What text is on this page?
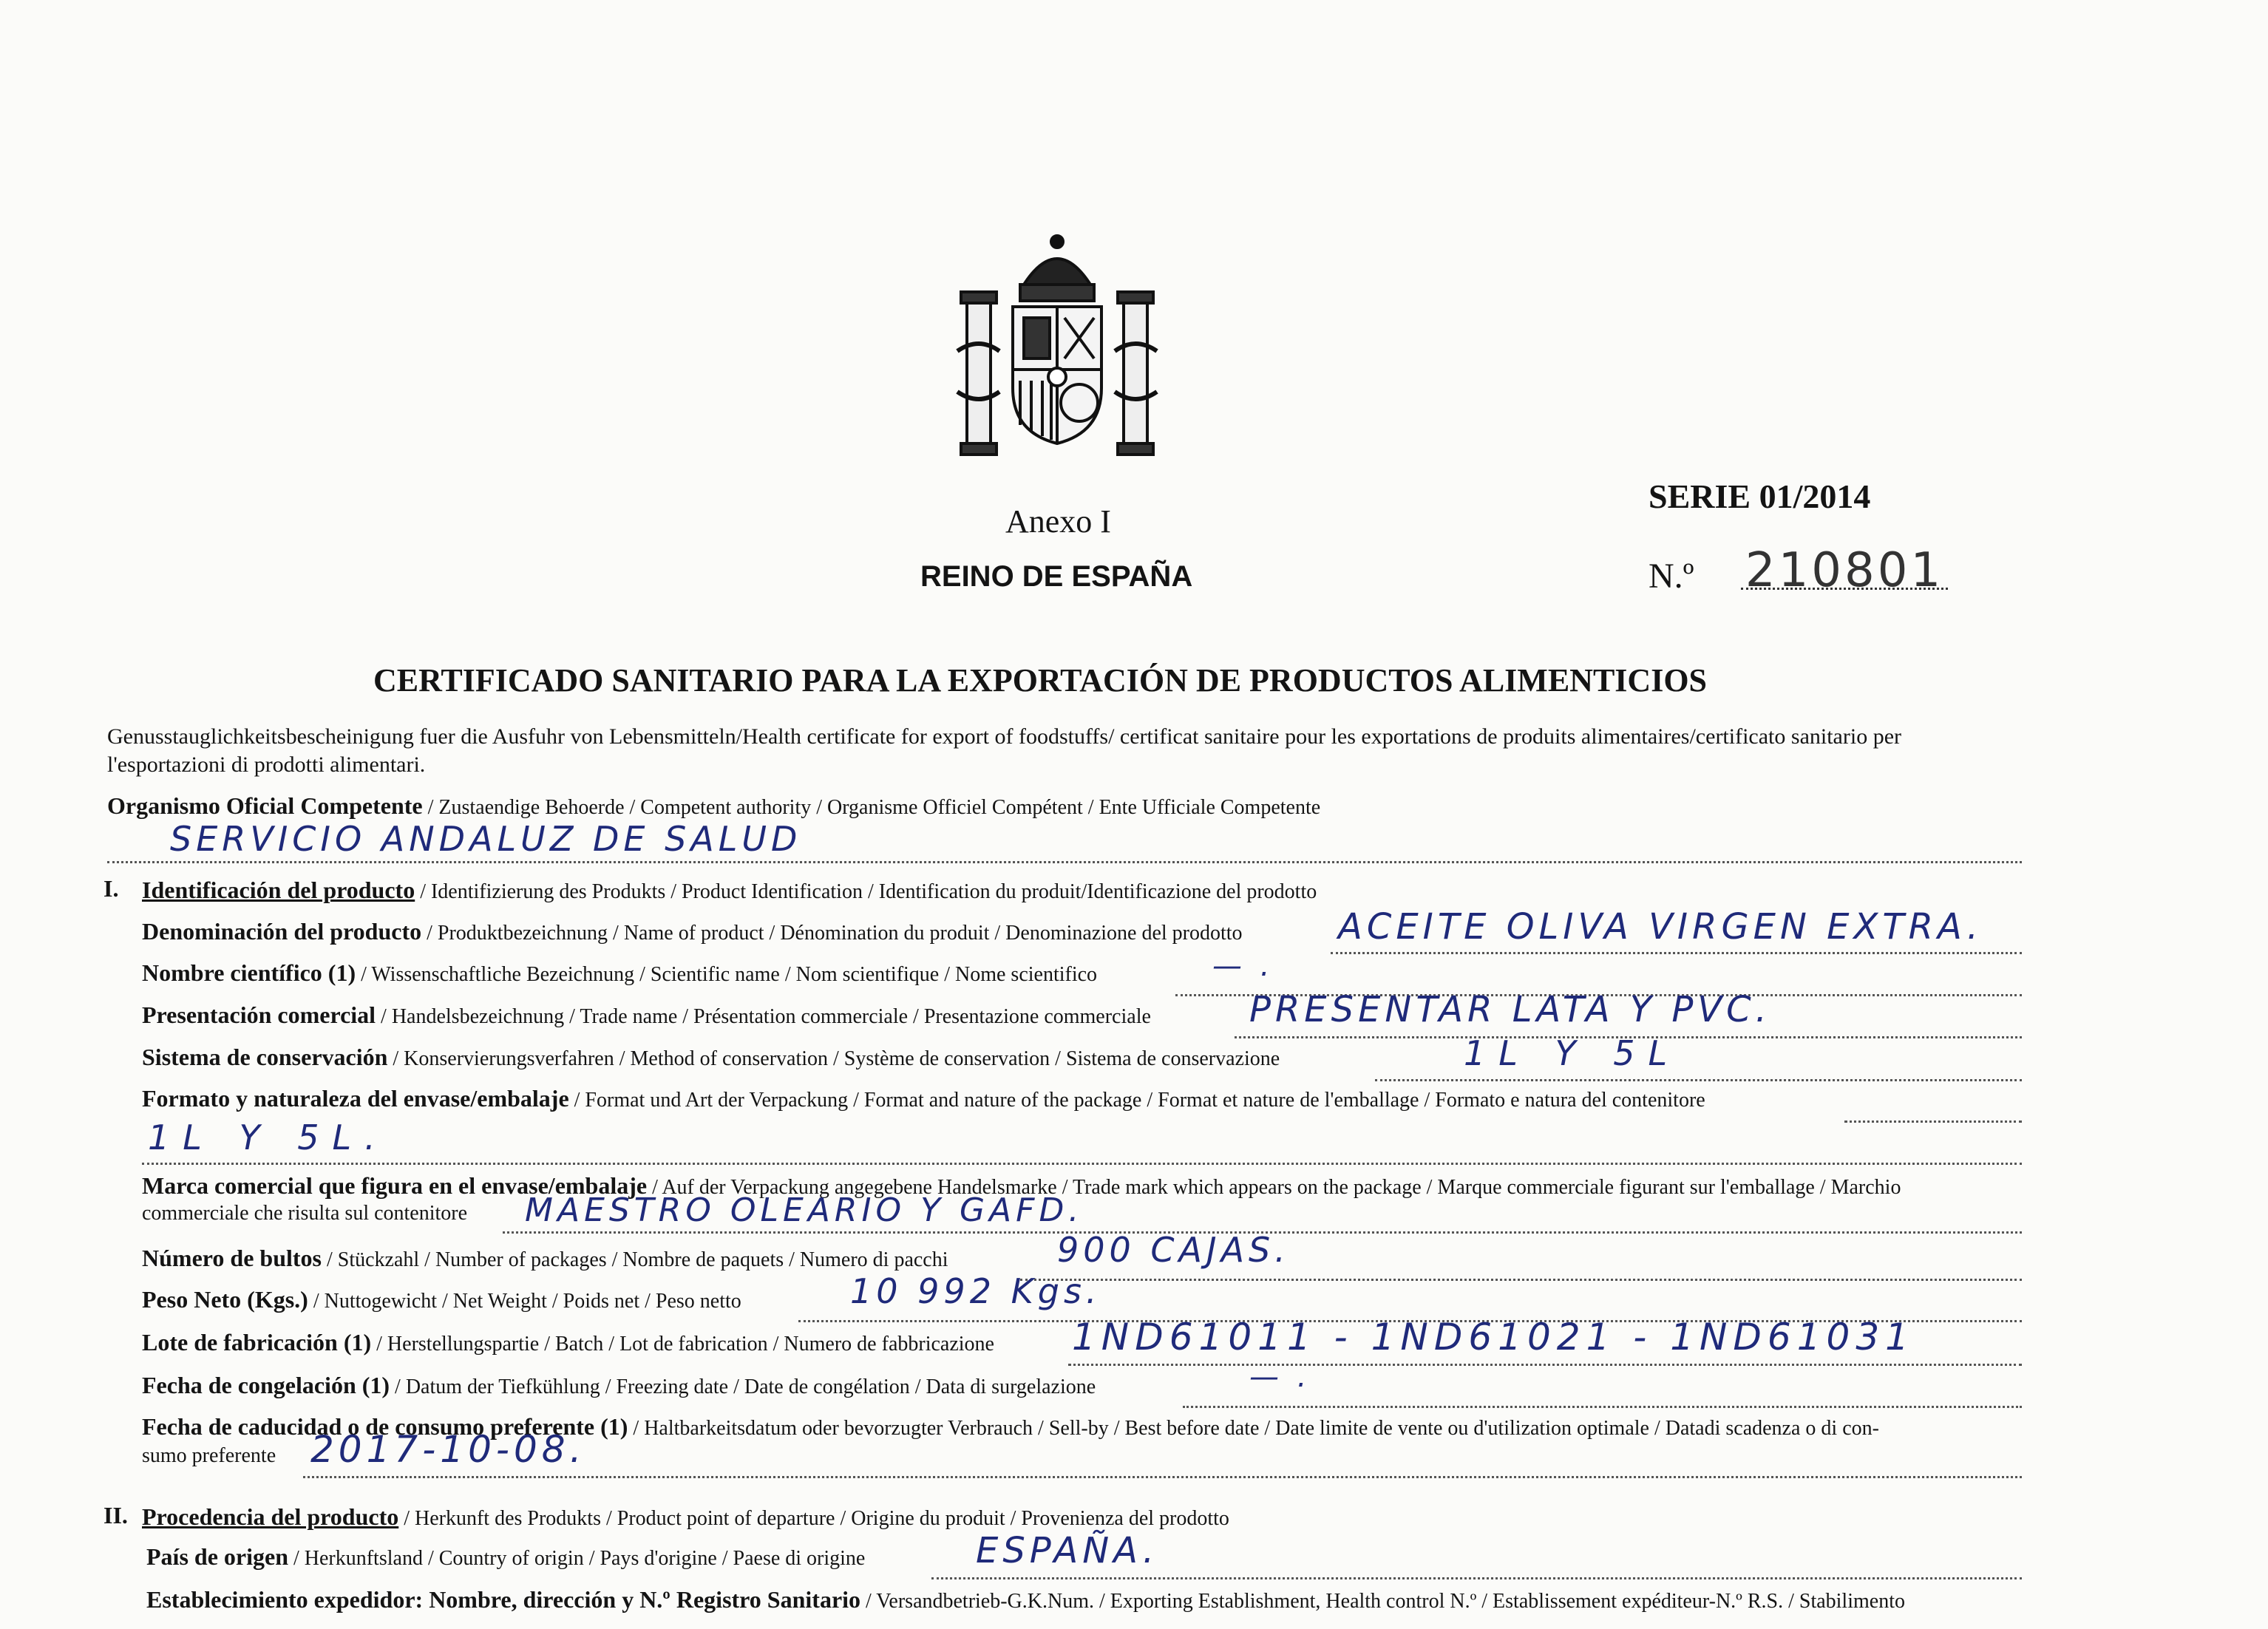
Anexo I
REINO DE ESPAÑA
SERIE 01/2014
N.º 210801
CERTIFICADO SANITARIO PARA LA EXPORTACIÓN DE PRODUCTOS ALIMENTICIOS
Genusstauglichkeitsbescheinigung fuer die Ausfuhr von Lebensmitteln/Health certificate for export of foodstuffs/ certificat sanitaire pour les exportations de produits alimentaires/certificato sanitario per l'esportazioni di prodotti alimentari.
Organismo Oficial Competente / Zustaendige Behoerde / Competent authority / Organisme Officiel Compétent / Ente Ufficiale Competente
SERVICIO ANDALUZ DE SALUD
I. Identificación del producto / Identifizierung des Produkts / Product Identification / Identification du produit/Identificazione del prodotto
Denominación del producto / Produktbezeichnung / Name of product / Dénomination du produit / Denominazione del prodotto	ACEITE OLIVA VIRGEN EXTRA.
Nombre científico (1) / Wissenschaftliche Bezeichnung / Scientific name / Nom scientifique / Nome scientifico	— .
Presentación comercial / Handelsbezeichnung / Trade name / Présentation commerciale / Presentazione commerciale	PRESENTAR LATA Y PVC.
Sistema de conservación / Konservierungsverfahren / Method of conservation / Système de conservation / Sistema de conservazione	1L Y 5L
Formato y naturaleza del envase/embalaje / Format und Art der Verpackung / Format and nature of the package / Format et nature de l'emballage / Formato e natura del contenitore
1L Y 5L.
Marca comercial que figura en el envase/embalaje / Auf der Verpackung angegebene Handelsmarke / Trade mark which appears on the package / Marque commerciale figurant sur l'emballage / Marchio
commerciale che risulta sul contenitore MAESTRO OLEARIO Y GAFD.
Número de bultos / Stückzahl / Number of packages / Nombre de paquets / Numero di pacchi	900 CAJAS.
Peso Neto (Kgs.) / Nuttogewicht / Net Weight / Poids net / Peso netto	10 992 Kgs.
Lote de fabricación (1) / Herstellungspartie / Batch / Lot de fabrication / Numero de fabbricazione 1ND61011 - 1ND61021 - 1ND61031
Fecha de congelación (1) / Datum der Tiefkühlung / Freezing date / Date de congélation / Data di surgelazione	— .
Fecha de caducidad o de consumo preferente (1) / Haltbarkeitsdatum oder bevorzugter Verbrauch / Sell-by / Best before date / Date limite de vente ou d'utilization optimale / Datadi scadenza o di con-
sumo preferente 2017-10-08.
II. Procedencia del producto / Herkunft des Produkts / Product point of departure / Origine du produit / Provenienza del prodotto
País de origen / Herkunftsland / Country of origin / Pays d'origine / Paese di origine	ESPAÑA.
Establecimiento expedidor: Nombre, dirección y N.º Registro Sanitario / Versandbetrieb-G.K.Num. / Exporting Establishment, Health control N.º / Establissement expéditeur-N.º R.S. / Stabilimento
